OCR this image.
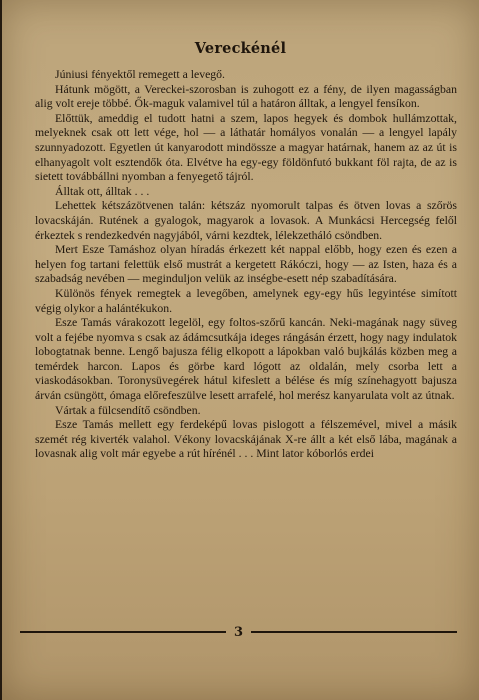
Vereckénél

Júniusi fényektől remegett a levegő.

Hátunk mögött, a Vereckei-szorosban is zuhogott ez a fény, de ilyen magasságban alig volt ereje többé. Ők-maguk valamivel túl a határon álltak, a lengyel fensíkon.

Előttük, ameddig el tudott hatni a szem, lapos hegyek és dombok hullámzottak, melyeknek csak ott lett vége, hol — a láthatár homályos vonalán — a lengyel lapály szunnyadozott. Egyetlen út kanyarodott mindössze a magyar határnak, hanem az az út is elhanyagolt volt esztendők óta. Elvétve ha egy-egy földönfutó bukkant föl rajta, de az is sietett továbbállni nyomban a fenyegető tájról.

Álltak ott, álltak . . .

Lehettek kétszázötvenen talán: kétszáz nyomorult talpas és ötven lovas a szőrös lovacskáján. Rutének a gyalogok, magyarok a lovasok. A Munkácsi Hercegség felől érkeztek s rendezkedvén nagyjából, várni kezdtek, lélekzetháló csöndben.

Mert Esze Tamáshoz olyan híradás érkezett két nappal előbb, hogy ezen és ezen a helyen fog tartani felettük első mustrát a kergetett Rákóczi, hogy — az Isten, haza és a szabadság nevében — meginduljon velük az inségbe-esett nép szabadítására.

Különös fények remegtek a levegőben, amelynek egy-egy hűs legyintése simított végig olykor a halántékukon.

Esze Tamás várakozott legelöl, egy foltos-szőrű kancán. Neki-magának nagy süveg volt a fejébe nyomva s csak az ádámcsutkája ideges rángásán érzett, hogy nagy indulatok lobogtatnak benne. Lengő bajusza félig elkopott a lápokban való bujkálás közben meg a temérdek harcon. Lapos és görbe kard lógott az oldalán, mely csorba lett a viaskodásokban. Toronysüvegérek hátul kifeslett a bélése és míg színehagyott bajusza árván csüngött, ómaga előrefeszülve lesett arrafelé, hol merész kanyarulata volt az útnak.

Vártak a fülcsendítő csöndben.

Esze Tamás mellett egy ferdeképű lovas pislogott a félszemével, mivel a másik szemét rég kiverték valahol. Vékony lovacskájának X-re állt a két első lába, magának a lovasnak alig volt már egyebe a rút hírénél . . . Mint lator kóborlós erdei

3
